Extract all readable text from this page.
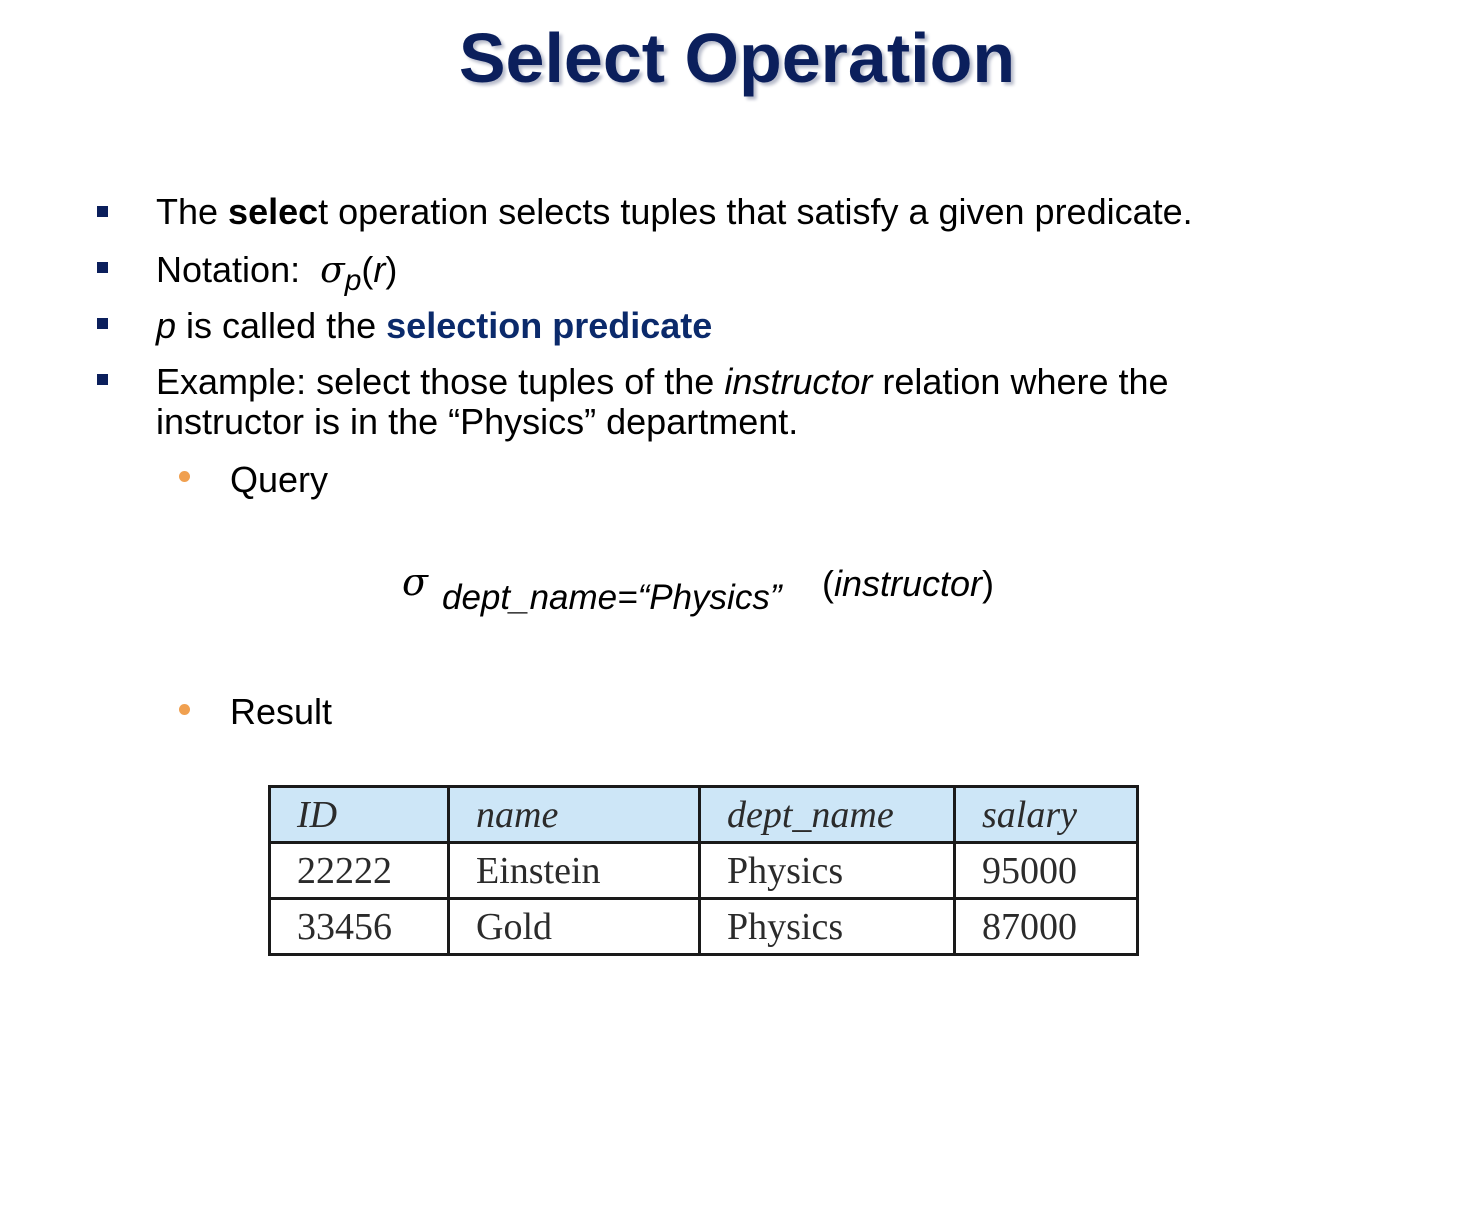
Select Operation
The select operation selects tuples that satisfy a given predicate.
Notation:  $\sigma_p(r)$
p is called the selection predicate
Example: select those tuples of the instructor relation where the
instructor is in the “Physics” department.
Query
σ dept_name=“Physics” (instructor)
Result
ID	name	dept_name	salary
22222	Einstein	Physics	95000
33456	Gold	Physics	87000
